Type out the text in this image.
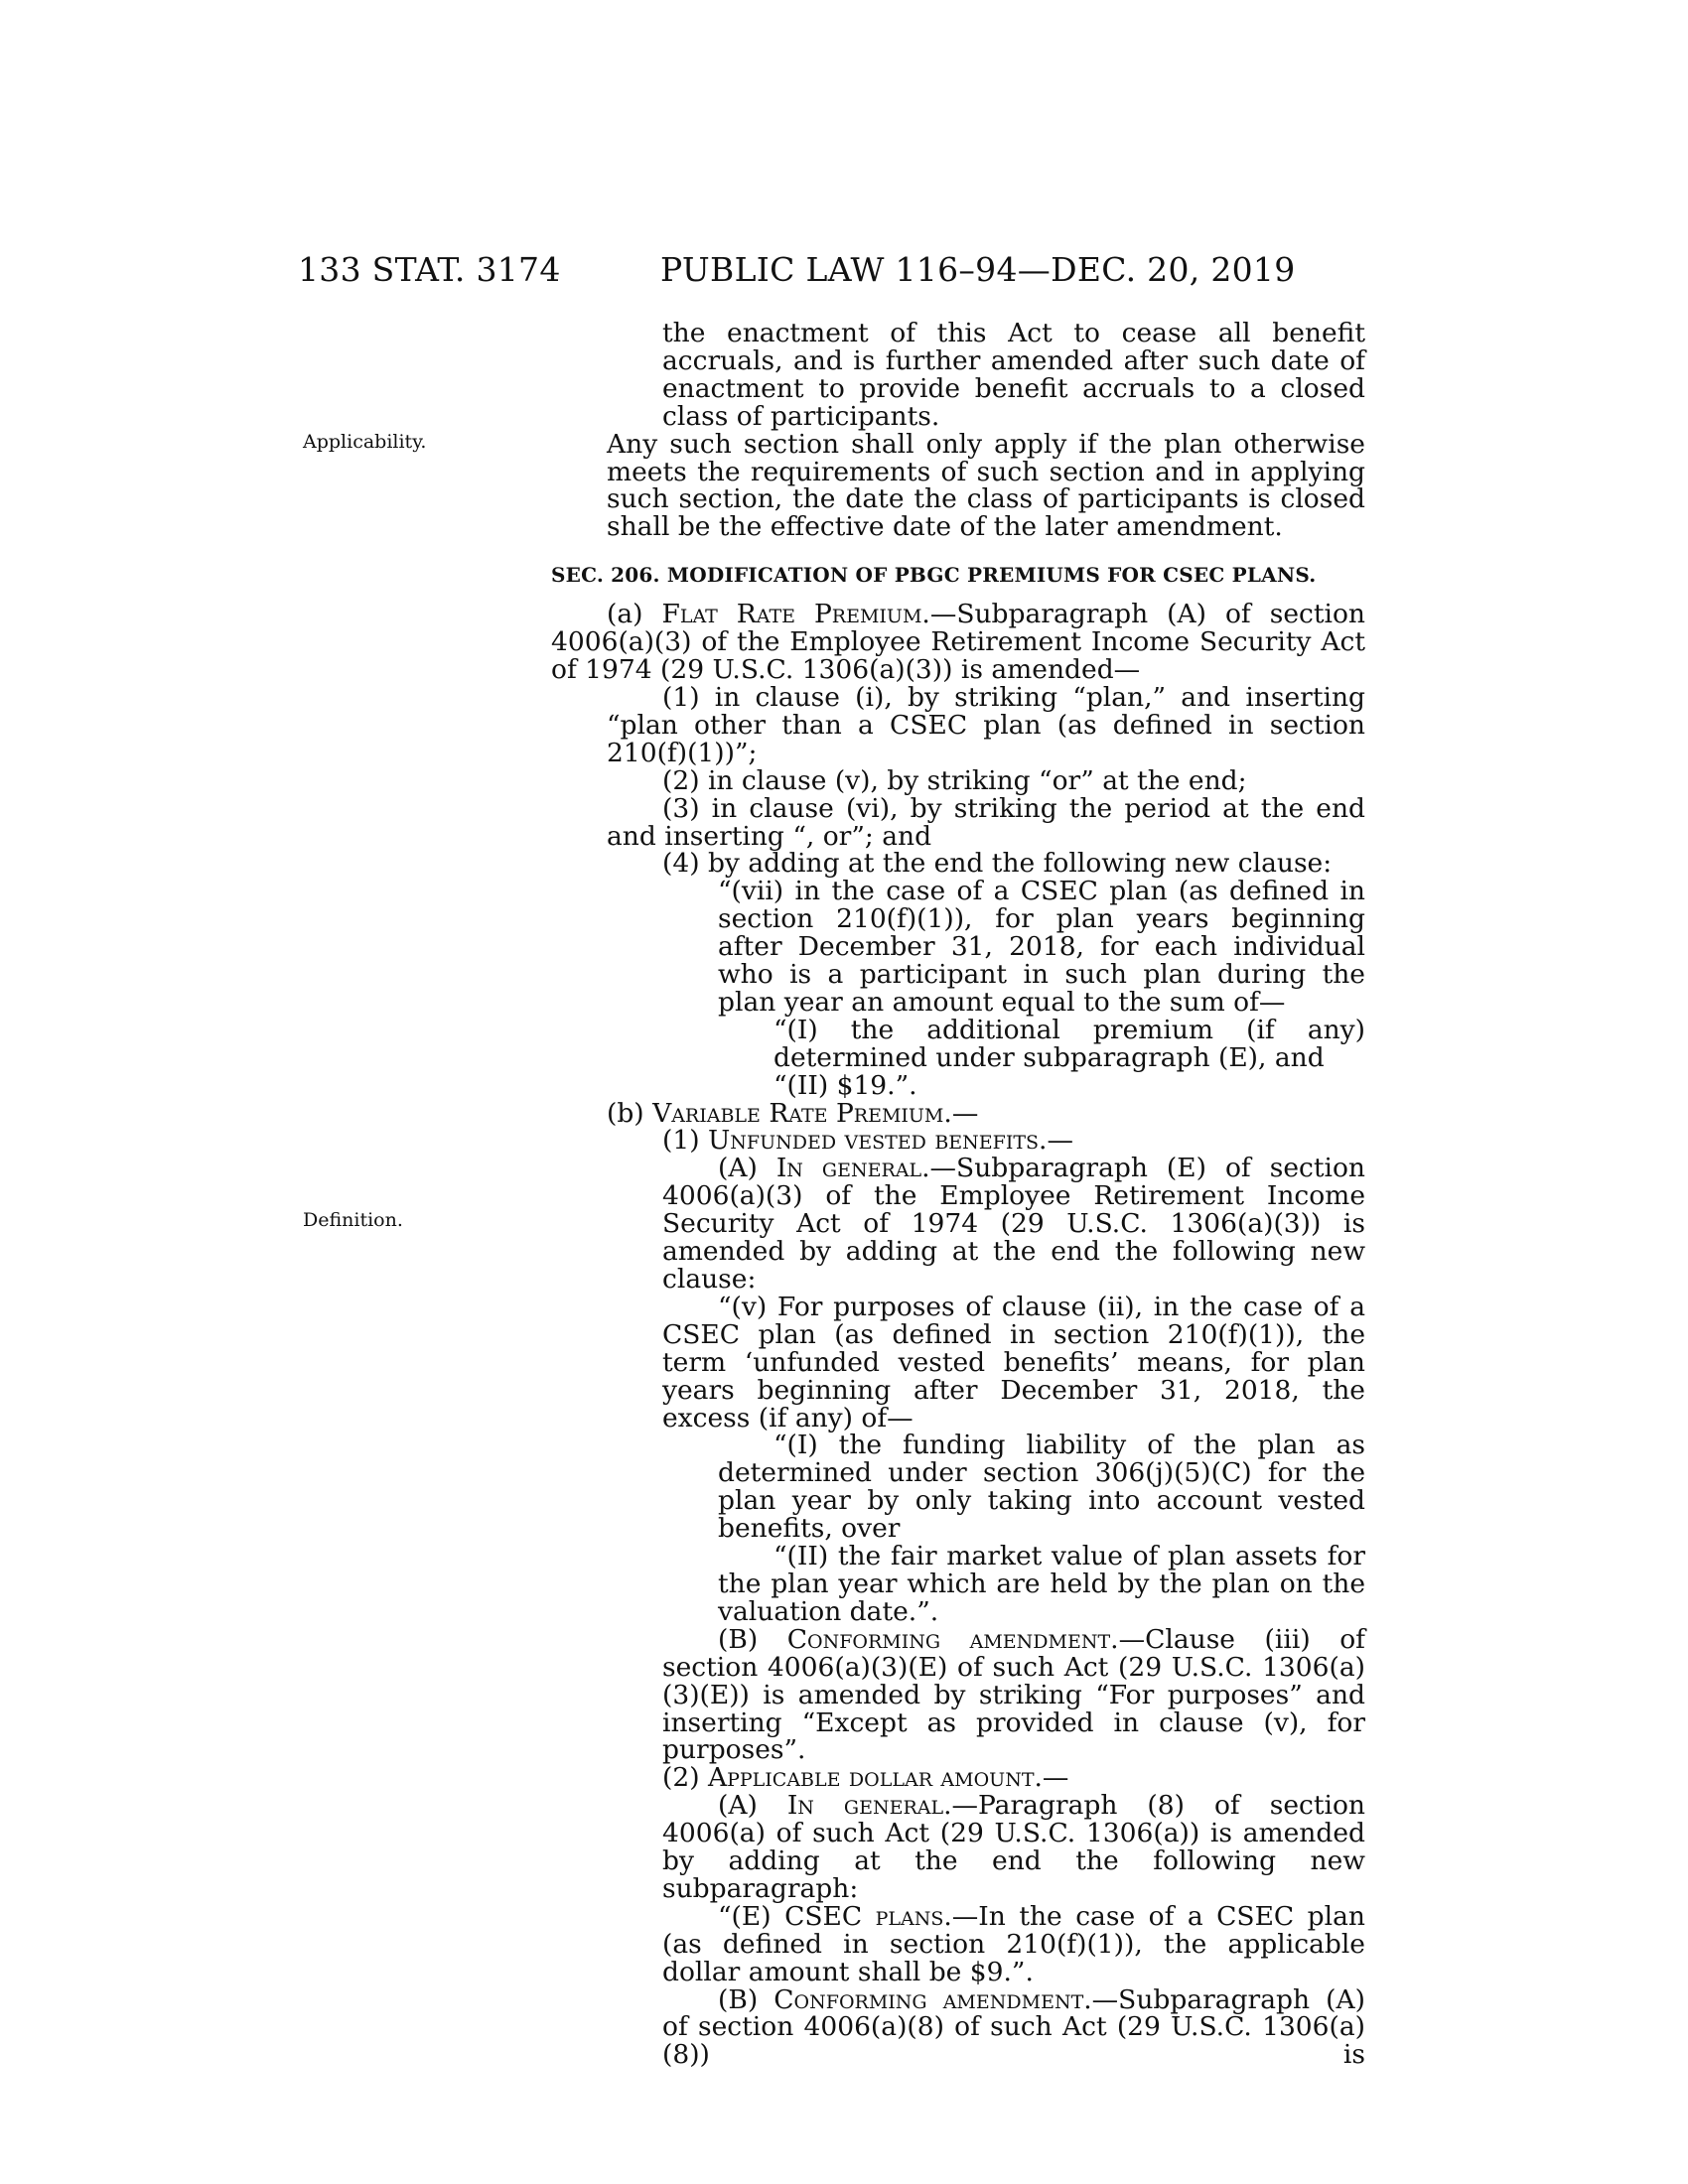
133 STAT. 3174	PUBLIC LAW 116–94—DEC. 20, 2019
Applicability.
Definition.

the enactment of this Act to cease all benefit accruals, and is further amended after such date of enactment to provide benefit accruals to a closed class of participants.

Any such section shall only apply if the plan otherwise meets the requirements of such section and in applying such section, the date the class of participants is closed shall be the effective date of the later amendment.

SEC. 206. MODIFICATION OF PBGC PREMIUMS FOR CSEC PLANS.

(a) Flat Rate Premium.—Subparagraph (A) of section 4006(a)(3) of the Employee Retirement Income Security Act of 1974 (29 U.S.C. 1306(a)(3)) is amended—

(1) in clause (i), by striking “plan,” and inserting “plan other than a CSEC plan (as defined in section 210(f)(1))”;

(2) in clause (v), by striking “or” at the end;

(3) in clause (vi), by striking the period at the end and inserting “, or”; and

(4) by adding at the end the following new clause:

“(vii) in the case of a CSEC plan (as defined in section 210(f)(1)), for plan years beginning after December 31, 2018, for each individual who is a participant in such plan during the plan year an amount equal to the sum of—

“(I) the additional premium (if any) determined under subparagraph (E), and

“(II) $19.”.

(b) Variable Rate Premium.—

(1) Unfunded vested benefits.—

(A) In general.—Subparagraph (E) of section 4006(a)(3) of the Employee Retirement Income Security Act of 1974 (29 U.S.C. 1306(a)(3)) is amended by adding at the end the following new clause:

“(v) For purposes of clause (ii), in the case of a CSEC plan (as defined in section 210(f)(1)), the term ‘unfunded vested benefits’ means, for plan years beginning after December 31, 2018, the excess (if any) of—

“(I) the funding liability of the plan as determined under section 306(j)(5)(C) for the plan year by only taking into account vested benefits, over

“(II) the fair market value of plan assets for the plan year which are held by the plan on the valuation date.”.

(B) Conforming amendment.—Clause (iii) of section 4006(a)(3)(E) of such Act (29 U.S.C. 1306(a)(3)(E)) is amended by striking “For purposes” and inserting “Except as provided in clause (v), for purposes”.

(2) Applicable dollar amount.—

(A) In general.—Paragraph (8) of section 4006(a) of such Act (29 U.S.C. 1306(a)) is amended by adding at the end the following new subparagraph:

“(E) CSEC plans.—In the case of a CSEC plan (as defined in section 210(f)(1)), the applicable dollar amount shall be $9.”.

(B) Conforming amendment.—Subparagraph (A) of section 4006(a)(8) of such Act (29 U.S.C. 1306(a)(8)) is
